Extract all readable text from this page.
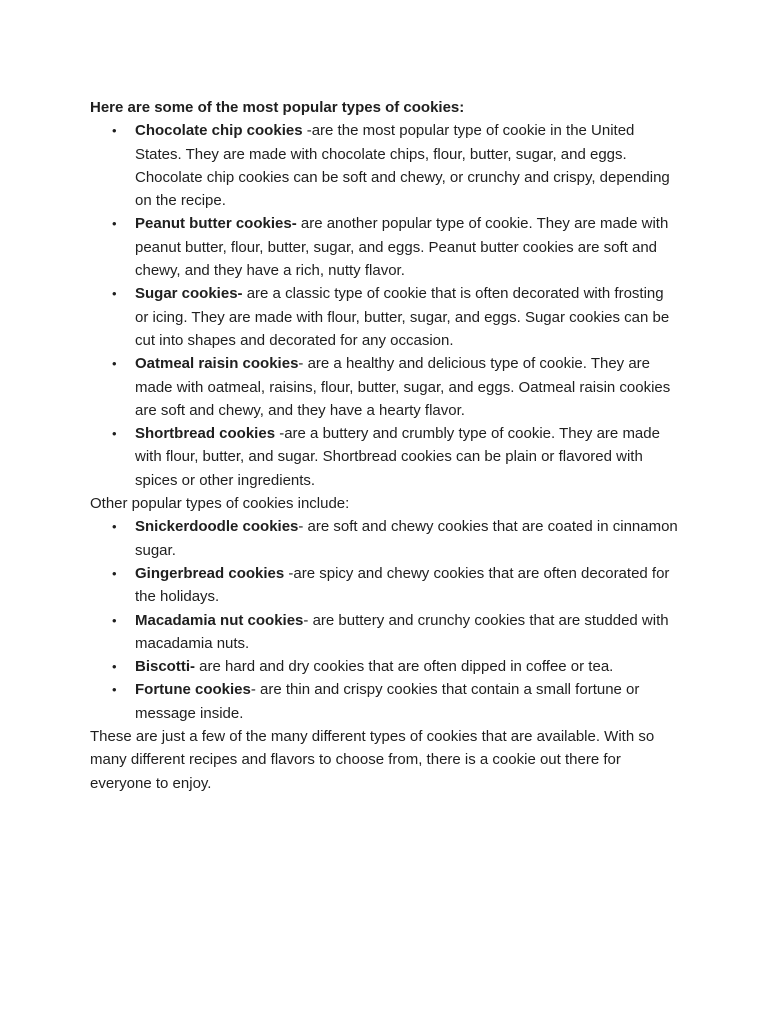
Here are some of the most popular types of cookies:

• Chocolate chip cookies -are the most popular type of cookie in the United States. They are made with chocolate chips, flour, butter, sugar, and eggs. Chocolate chip cookies can be soft and chewy, or crunchy and crispy, depending on the recipe.
• Peanut butter cookies- are another popular type of cookie. They are made with peanut butter, flour, butter, sugar, and eggs. Peanut butter cookies are soft and chewy, and they have a rich, nutty flavor.
• Sugar cookies- are a classic type of cookie that is often decorated with frosting or icing. They are made with flour, butter, sugar, and eggs. Sugar cookies can be cut into shapes and decorated for any occasion.
• Oatmeal raisin cookies- are a healthy and delicious type of cookie. They are made with oatmeal, raisins, flour, butter, sugar, and eggs. Oatmeal raisin cookies are soft and chewy, and they have a hearty flavor.
• Shortbread cookies -are a buttery and crumbly type of cookie. They are made with flour, butter, and sugar. Shortbread cookies can be plain or flavored with spices or other ingredients.

Other popular types of cookies include:

• Snickerdoodle cookies- are soft and chewy cookies that are coated in cinnamon sugar.
• Gingerbread cookies -are spicy and chewy cookies that are often decorated for the holidays.
• Macadamia nut cookies- are buttery and crunchy cookies that are studded with macadamia nuts.
• Biscotti- are hard and dry cookies that are often dipped in coffee or tea.
• Fortune cookies- are thin and crispy cookies that contain a small fortune or message inside.

These are just a few of the many different types of cookies that are available. With so many different recipes and flavors to choose from, there is a cookie out there for everyone to enjoy.
